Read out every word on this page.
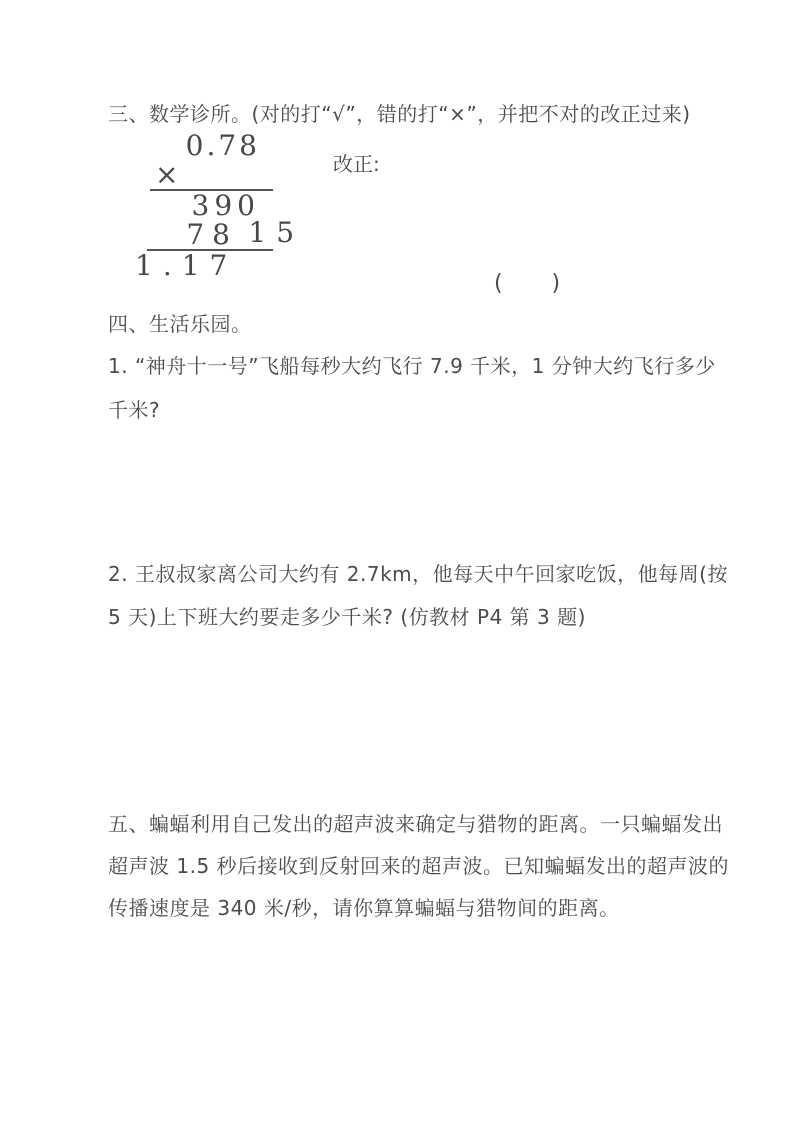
三、数学诊所。(对的打“√”，错的打“×”，并把不对的改正过来)
0.78

×

15

390
78
1.17
改正:
(      )
四、生活乐园。
1. “神舟十一号”飞船每秒大约飞行 7.9 千米，1 分钟大约飞行多少
千米?
2. 王叔叔家离公司大约有 2.7km，他每天中午回家吃饭，他每周(按
5 天)上下班大约要走多少千米? (仿教材 P4 第 3 题)
五、蝙蝠利用自己发出的超声波来确定与猎物的距离。一只蝙蝠发出
超声波 1.5 秒后接收到反射回来的超声波。已知蝙蝠发出的超声波的
传播速度是 340 米/秒，请你算算蝙蝠与猎物间的距离。
